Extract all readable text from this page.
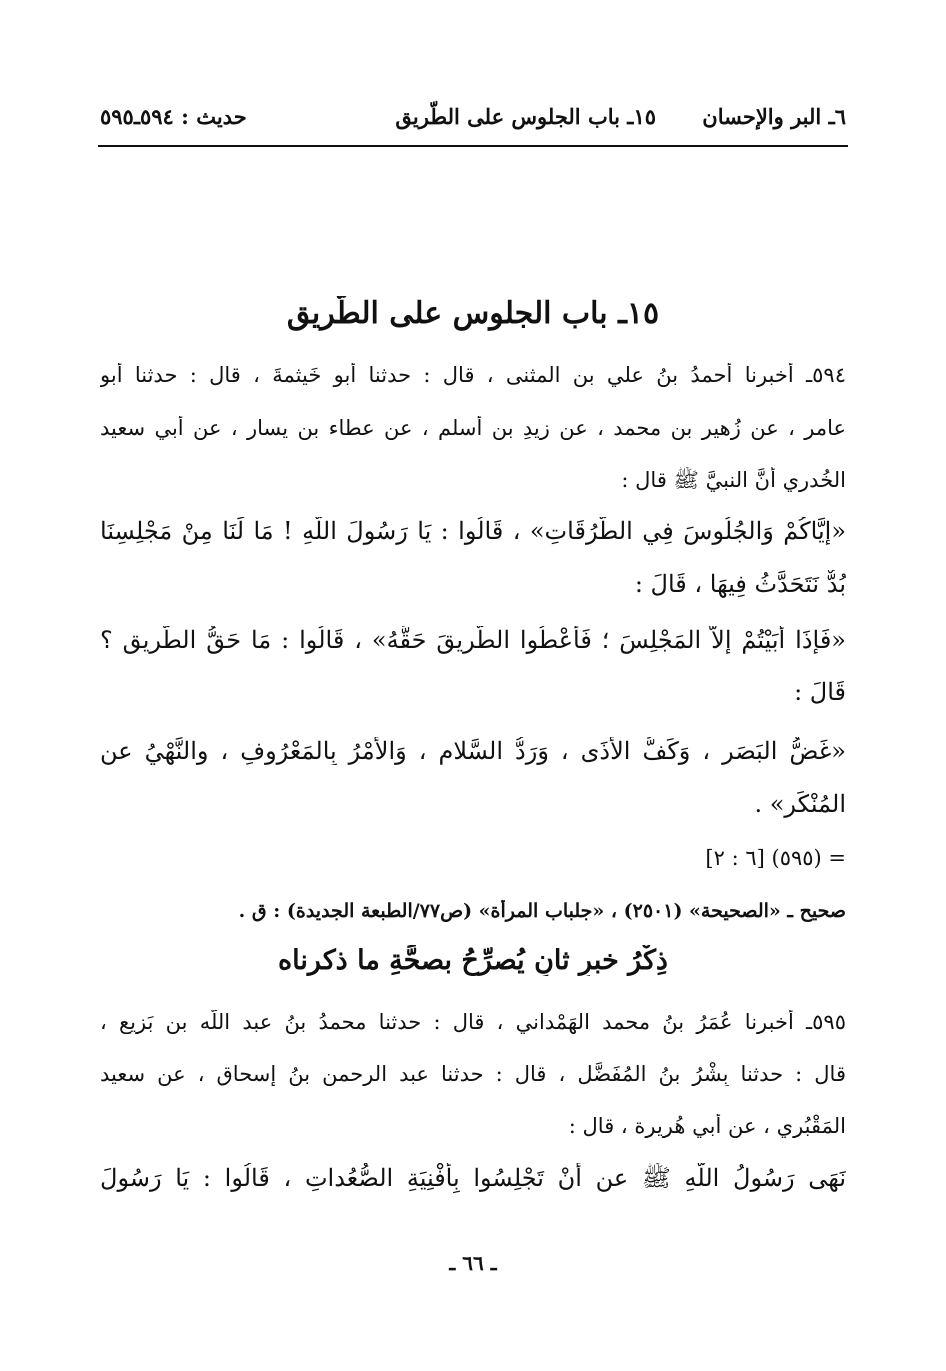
٦ـ البر والإحسان
١٥ـ باب الجلوس على الطّريق
حديث : ٥٩٤ـ٥٩٥
١٥ـ باب الجلوس على الطّريق
٥٩٤ـ أخبرنا أحمدُ بنُ علي بن المثنى ، قال : حدثنا أبو خَيثمةَ ، قال : حدثنا أبو
عامر ، عن زُهير بن محمد ، عن زيدِ بنِ أسلم ، عن عطاء بنِ يسار ، عن أبي سعيد
الخُدري أنَّ النبيَّ ﷺ قال :
«إِيَّاكُمْ وَالجُلُوسَ فِي الطُّرُقَاتِ» ، قَالُوا : يَا رَسُولَ اللَّهِ ! مَا لَنَا مِنْ مَجْلِسِنَا
بُدٌّ نَتَحَدَّثُ فِيهَا ، قَالَ :
«فَإِذَا أَبَيْتُمْ إِلاَّ المَجْلِسَ ؛ فَأَعْطُوا الطَّرِيقَ حَقَّهُ» ، قَالُوا : مَا حَقُّ الطَّرِيقِ ؟
قَالَ :
«غَضُّ البَصَرِ ، وَكَفُّ الأَذَى ، وَرَدُّ السَّلامِ ، وَالأَمْرُ بِالمَعْرُوفِ ، والنَّهْيُ عن
المُنْكَرِ» .
= (٥٩٥) [٦ : ٢]
صحيح ـ «الصحيحة» (٢٥٠١) ، «جلباب المرأة» (ص٧٧/الطبعة الجديدة) : ق .
ذِكْرُ خبرٍ ثانٍ يُصرِّحُ بصحَّةِ ما ذكرناه
٥٩٥ـ أخبرنا عُمَرُ بنُ محمد الهَمْداني ، قال : حدثنا محمدُ بنُ عبد اللَّه بن بَزيع ،
قال : حدثنا بِشْرُ بنُ المُفَضَّلِ ، قال : حدثنا عبد الرحمن بنُ إسحاق ، عن سعيد
المَقْبُري ، عن أبي هُريرة ، قال :
نَهَى رَسُولُ اللَّهِ ﷺ عن أَنْ تَجْلِسُوا بِأَفْنِيَةِ الصُّعُداتِ ، قَالُوا : يَا رَسُولَ
ـ ٦٦ ـ
